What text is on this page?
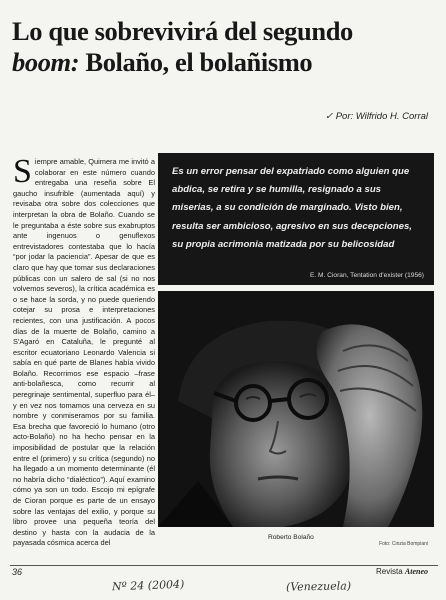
Lo que sobrevivirá del segundo
boom: Bolaño, el bolañismo
✓ Por: Wilfrido H. Corral
Siempre amable, Quimera me invitó a colaborar en este número cuando entregaba una reseña sobre El gaucho insufrible (aumentada aquí) y revisaba otra sobre dos colecciones que interpretan la obra de Bolaño. Cuando se le preguntaba a éste sobre sus exabruptos ante ingenuos o genuflexos entrevistadores contestaba que lo hacía “por jodar la paciencia”. Apesar de que es claro que hay que tomar sus declaraciones públicas con un salero de sal (si no nos volvemos severos), la crítica académica es o se hace la sorda, y no puede queriendo cotejar su prosa e interpretaciones recientes, con una justificación. A pocos días de la muerte de Bolaño, camino a S'Agaró en Cataluña, le pregunté al escritor ecuatoriano Leonardo Valencia si sabía en qué parte de Blanes había vivido Bolaño. Recorrimos ese espacio –frase anti-bolañesca, como recurrir al peregrinaje sentimental, superfluo para él– y en vez nos tomamos una cerveza en su nombre y conmiseramos por su familia. Esa brecha que favoreció lo humano (otro acto-Bolaño) no ha hecho pensar en la imposibilidad de postular que la relación entre el (primero) y su crítica (segundo) no ha llegado a un momento determinante (él no habría dicho “dialéctico”). Aquí examino cómo ya son un todo. Escojo mi epígrafe de Cioran porque es parte de un ensayo sobre las ventajas del exilio, y porque su libro provee una pequeña teoría del destino y hasta con la audacia de la payasada cósmica acerca del
Es un error pensar del expatriado como alguien que abdica, se retira y se humilla, resignado a sus miserias, a su condición de marginado. Visto bien, resulta ser ambicioso, agresivo en sus decepciones, su propia acrimonia matizada por su belicosidad
E. M. Cioran, Tentation d'exister (1956)
Roberto Bolaño
Foto: Cinzia Bompiani
36	Revista Ateneo
Nº 24 (2004)	(Venezuela)
